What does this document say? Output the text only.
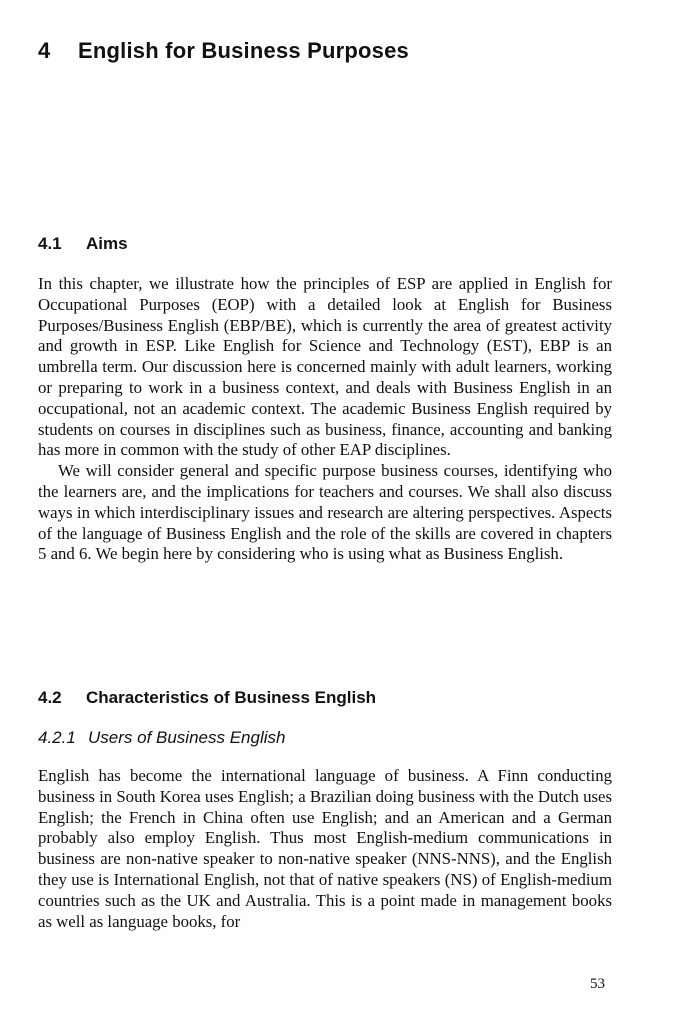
4 English for Business Purposes
4.1 Aims

In this chapter, we illustrate how the principles of ESP are applied in English for Occupational Purposes (EOP) with a detailed look at English for Business Purposes/Business English (EBP/BE), which is currently the area of greatest activity and growth in ESP. Like English for Science and Technology (EST), EBP is an umbrella term. Our discussion here is concerned mainly with adult learners, working or preparing to work in a business context, and deals with Business English in an occupational, not an academic context. The academic Business English required by students on courses in disciplines such as business, finance, accounting and banking has more in common with the study of other EAP disciplines.

We will consider general and specific purpose business courses, identifying who the learners are, and the implications for teachers and courses. We shall also discuss ways in which interdisciplinary issues and research are altering perspectives. Aspects of the language of Business English and the role of the skills are covered in chapters 5 and 6. We begin here by considering who is using what as Business English.

4.2 Characteristics of Business English
4.2.1 Users of Business English

English has become the international language of business. A Finn conducting business in South Korea uses English; a Brazilian doing business with the Dutch uses English; the French in China often use English; and an American and a German probably also employ English. Thus most English-medium communications in business are non-native speaker to non-native speaker (NNS-NNS), and the English they use is International English, not that of native speakers (NS) of English-medium countries such as the UK and Australia. This is a point made in management books as well as language books, for

53
